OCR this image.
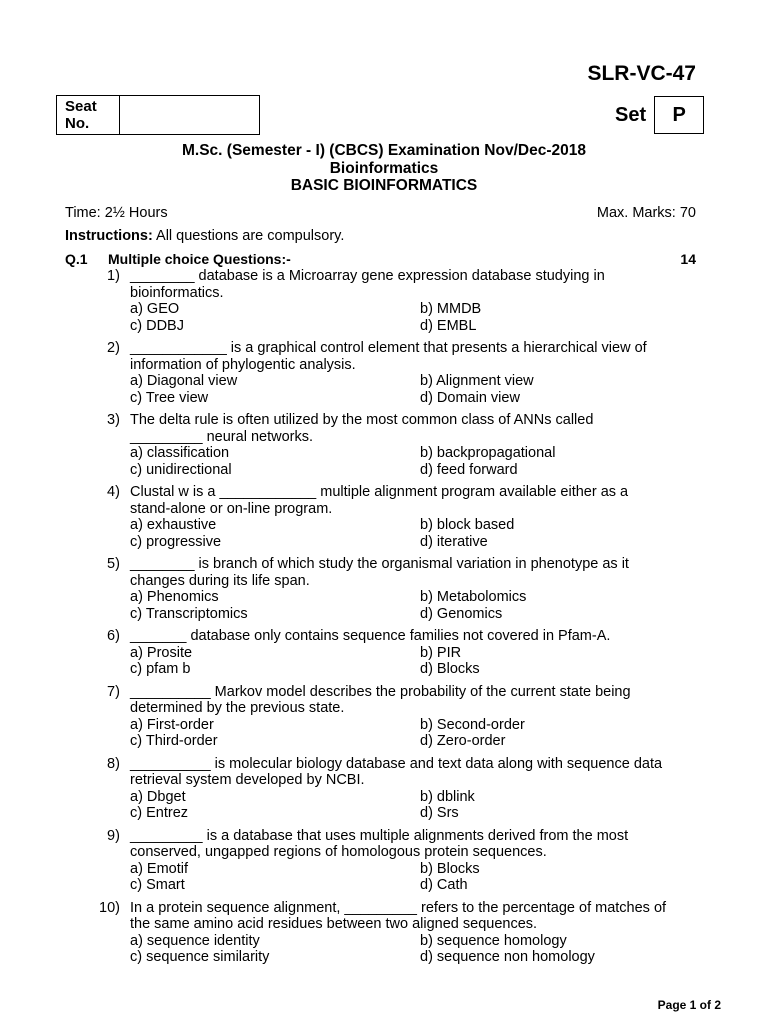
SLR-VC-47
Seat
No.	Set	P
M.Sc. (Semester - I) (CBCS) Examination Nov/Dec-2018
Bioinformatics
BASIC BIOINFORMATICS
Time: 2½ Hours	Max. Marks: 70
Instructions: All questions are compulsory.
Q.1	Multiple choice Questions:-	14
1) ________ database is a Microarray gene expression database studying in bioinformatics.
a) GEO	b) MMDB
c) DDBJ	d) EMBL
2) ____________ is a graphical control element that presents a hierarchical view of information of phylogentic analysis.
a) Diagonal view	b) Alignment view
c) Tree view	d) Domain view
3) The delta rule is often utilized by the most common class of ANNs called _________ neural networks.
a) classification	b) backpropagational
c) unidirectional	d) feed forward
4) Clustal w is a ____________ multiple alignment program available either as a stand-alone or on-line program.
a) exhaustive	b) block based
c) progressive	d) iterative
5) ________ is branch of which study the organismal variation in phenotype as it changes during its life span.
a) Phenomics	b) Metabolomics
c) Transcriptomics	d) Genomics
6) _______ database only contains sequence families not covered in Pfam-A.
a) Prosite	b) PIR
c) pfam b	d) Blocks
7) __________ Markov model describes the probability of the current state being determined by the previous state.
a) First-order	b) Second-order
c) Third-order	d) Zero-order
8) __________ is molecular biology database and text data along with sequence data retrieval system developed by NCBI.
a) Dbget	b) dblink
c) Entrez	d) Srs
9) _________ is a database that uses multiple alignments derived from the most conserved, ungapped regions of homologous protein sequences.
a) Emotif	b) Blocks
c) Smart	d) Cath
10) In a protein sequence alignment, _________ refers to the percentage of matches of the same amino acid residues between two aligned sequences.
a) sequence identity	b) sequence homology
c) sequence similarity	d) sequence non homology
Page 1 of 2
